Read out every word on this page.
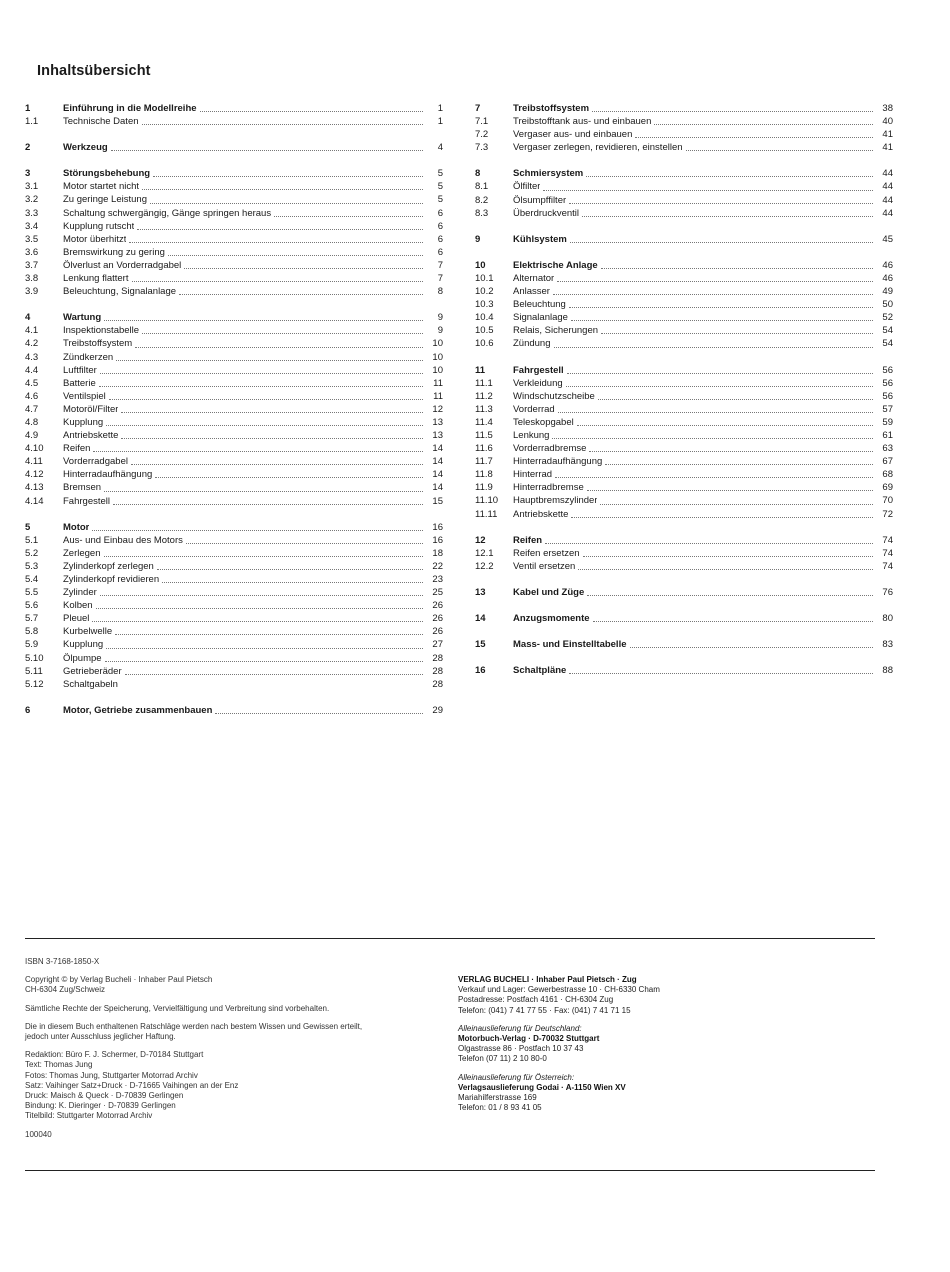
Inhaltsübersicht
1	Einführung in die Modellreihe	1
1.1	Technische Daten	1
2	Werkzeug	4
3	Störungsbehebung	5
3.1	Motor startet nicht	5
3.2	Zu geringe Leistung	5
3.3	Schaltung schwergängig, Gänge springen heraus	6
3.4	Kupplung rutscht	6
3.5	Motor überhitzt	6
3.6	Bremswirkung zu gering	6
3.7	Ölverlust an Vorderradgabel	7
3.8	Lenkung flattert	7
3.9	Beleuchtung, Signalanlage	8
4	Wartung	9
4.1	Inspektionstabelle	9
4.2	Treibstoffsystem	10
4.3	Zündkerzen	10
4.4	Luftfilter	10
4.5	Batterie	11
4.6	Ventilspiel	11
4.7	Motoröl/Filter	12
4.8	Kupplung	13
4.9	Antriebskette	13
4.10	Reifen	14
4.11	Vorderradgabel	14
4.12	Hinterradaufhängung	14
4.13	Bremsen	14
4.14	Fahrgestell	15
5	Motor	16
5.1	Aus- und Einbau des Motors	16
5.2	Zerlegen	18
5.3	Zylinderkopf zerlegen	22
5.4	Zylinderkopf revidieren	23
5.5	Zylinder	25
5.6	Kolben	26
5.7	Pleuel	26
5.8	Kurbelwelle	26
5.9	Kupplung	27
5.10	Ölpumpe	28
5.11	Getrieberäder	28
5.12	Schaltgabeln	28
6	Motor, Getriebe zusammenbauen	29
7	Treibstoffsystem	38
7.1	Treibstofftank aus- und einbauen	40
7.2	Vergaser aus- und einbauen	41
7.3	Vergaser zerlegen, revidieren, einstellen	41
8	Schmiersystem	44
8.1	Ölfilter	44
8.2	Ölsumpffilter	44
8.3	Überdruckventil	44
9	Kühlsystem	45
10	Elektrische Anlage	46
10.1	Alternator	46
10.2	Anlasser	49
10.3	Beleuchtung	50
10.4	Signalanlage	52
10.5	Relais, Sicherungen	54
10.6	Zündung	54
11	Fahrgestell	56
11.1	Verkleidung	56
11.2	Windschutzscheibe	56
11.3	Vorderrad	57
11.4	Teleskopgabel	59
11.5	Lenkung	61
11.6	Vorderradbremse	63
11.7	Hinterradaufhängung	67
11.8	Hinterrad	68
11.9	Hinterradbremse	69
11.10	Hauptbremszylinder	70
11.11	Antriebskette	72
12	Reifen	74
12.1	Reifen ersetzen	74
12.2	Ventil ersetzen	74
13	Kabel und Züge	76
14	Anzugsmomente	80
15	Mass- und Einstelltabelle	83
16	Schaltpläne	88

ISBN 3-7168-1850-X

Copyright © by Verlag Bucheli · Inhaber Paul Pietsch

CH-6304 Zug/Schweiz

Sämtliche Rechte der Speicherung, Vervielfältigung und Verbreitung sind vorbehalten.

Die in diesem Buch enthaltenen Ratschläge werden nach bestem Wissen und Gewissen erteilt,

jedoch unter Ausschluss jeglicher Haftung.

Redaktion: Büro F. J. Schermer, D-70184 Stuttgart

Text: Thomas Jung

Fotos: Thomas Jung, Stuttgarter Motorrad Archiv

Satz: Vaihinger Satz+Druck · D-71665 Vaihingen an der Enz

Druck: Maisch & Queck · D-70839 Gerlingen

Bindung: K. Dieringer · D-70839 Gerlingen

Titelbild: Stuttgarter Motorrad Archiv

100040

VERLAG BUCHELI · Inhaber Paul Pietsch · Zug

Verkauf und Lager: Gewerbestrasse 10 · CH-6330 Cham

Postadresse: Postfach 4161 · CH-6304 Zug

Telefon: (041) 7 41 77 55 · Fax: (041) 7 41 71 15

Alleinauslieferung für Deutschland:

Motorbuch-Verlag · D-70032 Stuttgart

Olgastrasse 86 · Postfach 10 37 43

Telefon (07 11) 2 10 80-0

Alleinauslieferung für Österreich:

Verlagsauslieferung Godai · A-1150 Wien XV

Mariahilferstrasse 169

Telefon: 01 / 8 93 41 05
